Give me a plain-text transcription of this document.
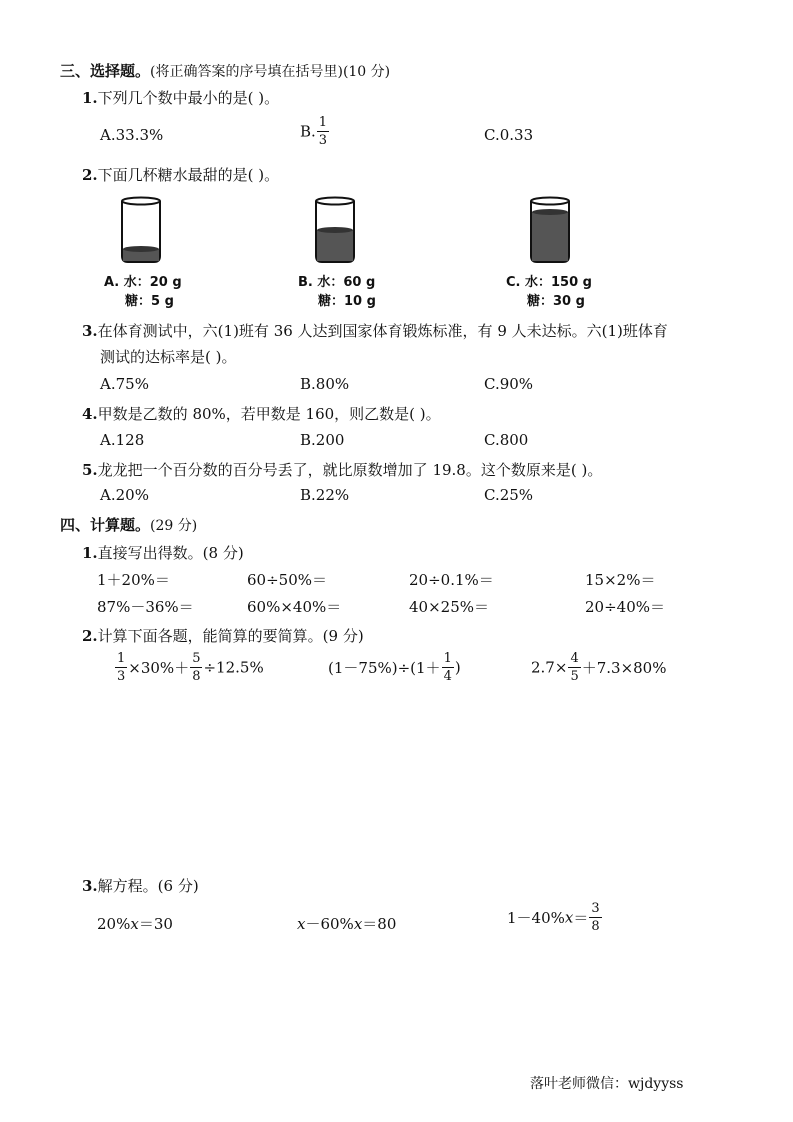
三、选择题。(将正确答案的序号填在括号里)(10 分)
1.下列几个数中最小的是( )。
A.33.3%	B. $\frac{1}{3}$	C.0.33
2.下面几杯糖水最甜的是( )。
A. 水：20 g
糖：5 g
B. 水：60 g
糖：10 g
C. 水：150 g
糖：30 g
3.在体育测试中，六(1)班有 36 人达到国家体育锻炼标准，有 9 人未达标。六(1)班体育
测试的达标率是( )。
A.75%	B.80%	C.90%
4.甲数是乙数的 80%，若甲数是 160，则乙数是( )。
A.128	B.200	C.800
5.龙龙把一个百分数的百分号丢了，就比原数增加了 19.8。这个数原来是( )。
A.20%	B.22%	C.25%
四、计算题。(29 分)
1.直接写出得数。(8 分)
1＋20%＝	60÷50%＝	20÷0.1%＝	15×2%＝
87%－36%＝	60%×40%＝	40×25%＝	20÷40%＝
2.计算下面各题，能简算的要简算。(9 分)
$\frac{1}{3} \times 30\%+ \frac{5}{8} \div 12.5\%$	$(1-75\%)\div(1+ \frac{1}{4}$ )	$2.7\times \frac{4}{5} +7.3\times 80\%$
3.解方程。(6 分)
20%x＝30	x－60%x＝80	$1-40\%x= \frac{3}{8}$
落叶老师微信：wjdyyss
